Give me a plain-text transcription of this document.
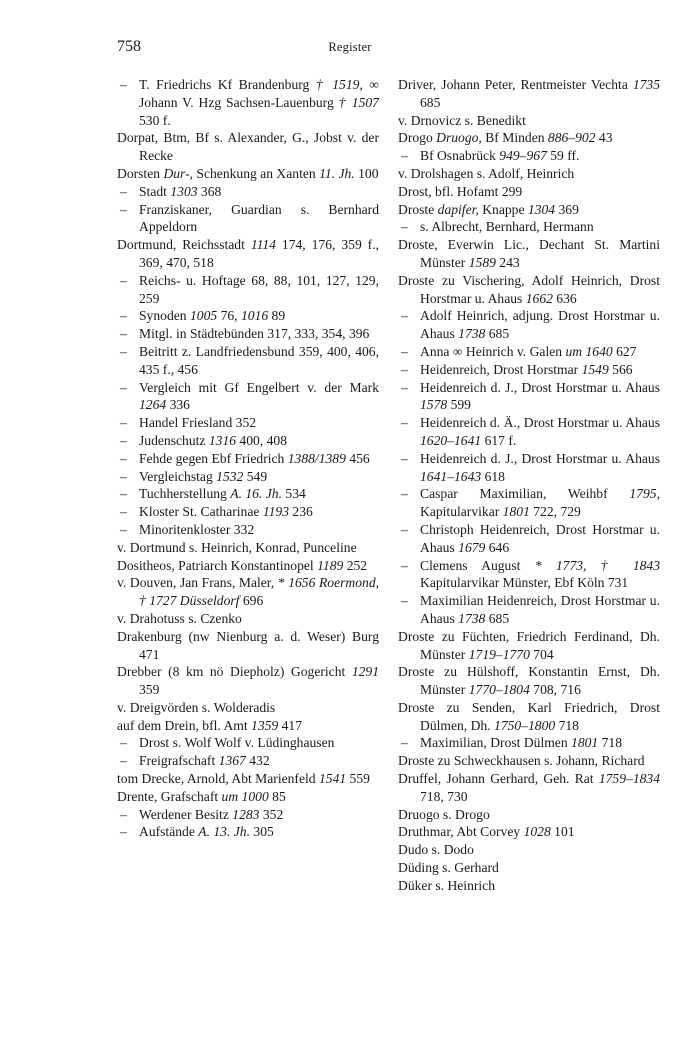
758	Register

– T. Friedrichs Kf Brandenburg † 1519, ∞ Johann V. Hzg Sachsen-Lauenburg † 1507 530 f.

Dorpat, Btm, Bf s. Alexander, G., Jobst v. der Recke

Dorsten Dur-, Schenkung an Xanten 11. Jh. 100

– Stadt 1303 368

– Franziskaner, Guardian s. Bernhard Appeldorn

Dortmund, Reichsstadt 1114 174, 176, 359 f., 369, 470, 518

– Reichs- u. Hoftage 68, 88, 101, 127, 129, 259

– Synoden 1005 76, 1016 89

– Mitgl. in Städtebünden 317, 333, 354, 396

– Beitritt z. Landfriedensbund 359, 400, 406, 435 f., 456

– Vergleich mit Gf Engelbert v. der Mark 1264 336

– Handel Friesland 352

– Judenschutz 1316 400, 408

– Fehde gegen Ebf Friedrich 1388/1389 456

– Vergleichstag 1532 549

– Tuchherstellung A. 16. Jh. 534

– Kloster St. Catharinae 1193 236

– Minoritenkloster 332

v. Dortmund s. Heinrich, Konrad, Punceline

Dositheos, Patriarch Konstantinopel 1189 252

v. Douven, Jan Frans, Maler, * 1656 Roermond, † 1727 Düsseldorf 696

v. Drahotuss s. Czenko

Drakenburg (nw Nienburg a. d. Weser) Burg 471

Drebber (8 km nö Diepholz) Gogericht 1291 359

v. Dreigvörden s. Wolderadis

auf dem Drein, bfl. Amt 1359 417

– Drost s. Wolf Wolf v. Lüdinghausen

– Freigrafschaft 1367 432

tom Drecke, Arnold, Abt Marienfeld 1541 559

Drente, Grafschaft um 1000 85

– Werdener Besitz 1283 352

– Aufstände A. 13. Jh. 305

Driver, Johann Peter, Rentmeister Vechta 1735 685

v. Drnovicz s. Benedikt

Drogo Druogo, Bf Minden 886–902 43

– Bf Osnabrück 949–967 59 ff.

v. Drolshagen s. Adolf, Heinrich

Drost, bfl. Hofamt 299

Droste dapifer, Knappe 1304 369

– s. Albrecht, Bernhard, Hermann

Droste, Everwin Lic., Dechant St. Martini Münster 1589 243

Droste zu Vischering, Adolf Heinrich, Drost Horstmar u. Ahaus 1662 636

– Adolf Heinrich, adjung. Drost Horstmar u. Ahaus 1738 685

– Anna ∞ Heinrich v. Galen um 1640 627

– Heidenreich, Drost Horstmar 1549 566

– Heidenreich d. J., Drost Horstmar u. Ahaus 1578 599

– Heidenreich d. Ä., Drost Horstmar u. Ahaus 1620–1641 617 f.

– Heidenreich d. J., Drost Horstmar u. Ahaus 1641–1643 618

– Caspar Maximilian, Weihbf 1795, Kapitularvikar 1801 722, 729

– Christoph Heidenreich, Drost Horstmar u. Ahaus 1679 646

– Clemens August * 1773, † 1843 Kapitularvikar Münster, Ebf Köln 731

– Maximilian Heidenreich, Drost Horstmar u. Ahaus 1738 685

Droste zu Füchten, Friedrich Ferdinand, Dh. Münster 1719–1770 704

Droste zu Hülshoff, Konstantin Ernst, Dh. Münster 1770–1804 708, 716

Droste zu Senden, Karl Friedrich, Drost Dülmen, Dh. 1750–1800 718

– Maximilian, Drost Dülmen 1801 718

Droste zu Schweckhausen s. Johann, Richard

Druffel, Johann Gerhard, Geh. Rat 1759–1834 718, 730

Druogo s. Drogo

Druthmar, Abt Corvey 1028 101

Dudo s. Dodo

Düding s. Gerhard

Düker s. Heinrich
